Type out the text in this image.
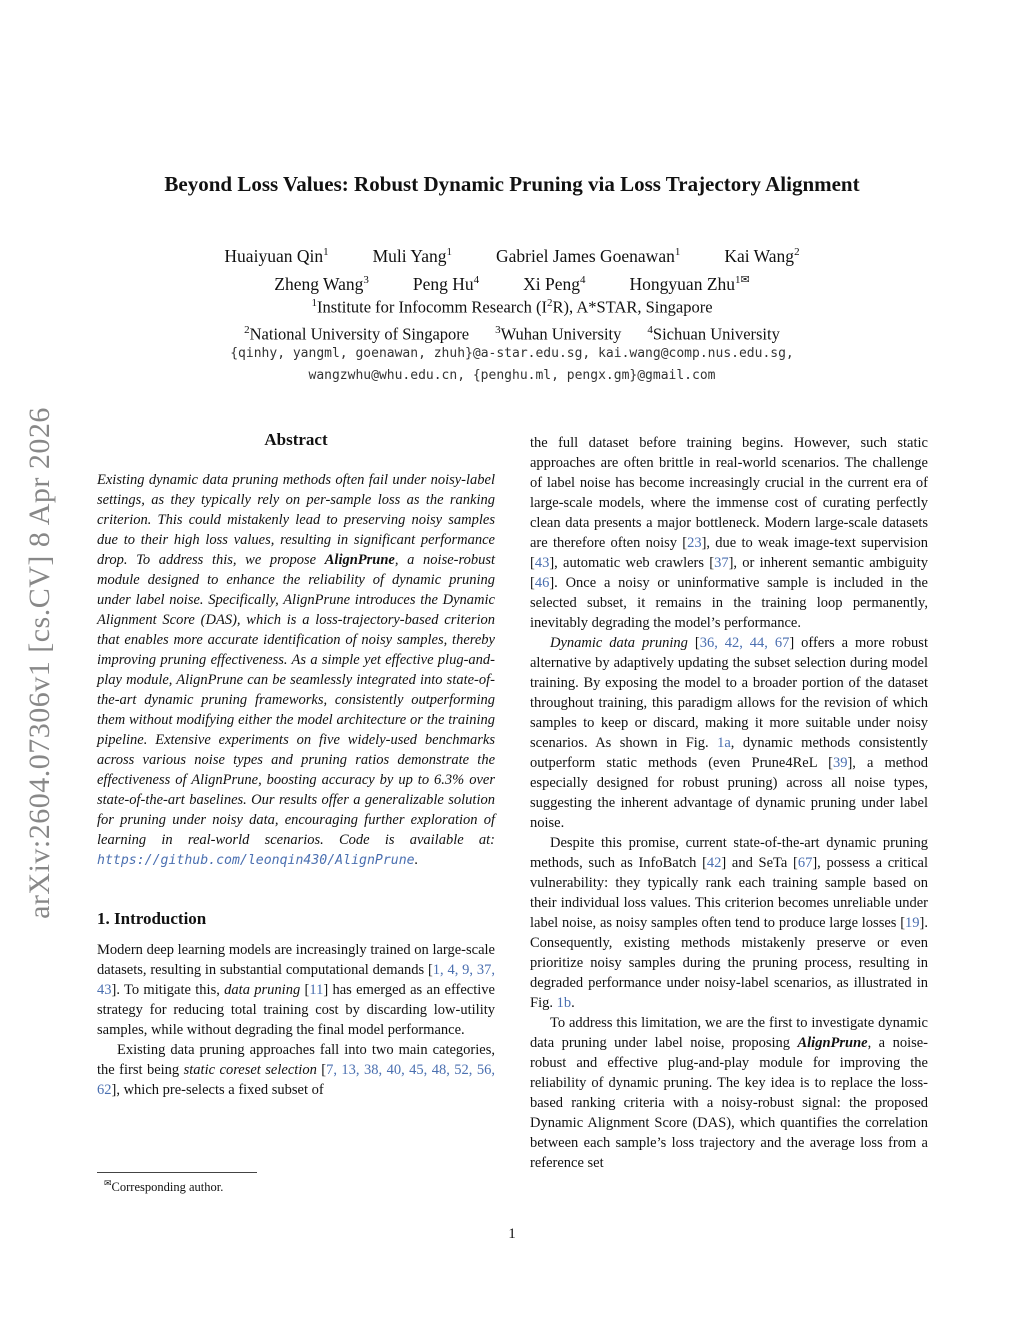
arXiv:2604.07306v1 [cs.CV] 8 Apr 2026
Beyond Loss Values: Robust Dynamic Pruning via Loss Trajectory Alignment
Huaiyuan Qin$^1$	Muli Yang$^1$	Gabriel James Goenawan$^1$	Kai Wang$^2$
Zheng Wang$^3$	Peng Hu$^4$	Xi Peng$^4$	Hongyuan Zhu$^{1✉}$
$^1$Institute for Infocomm Research $(I^2R)$, A*STAR, Singapore
$^2$National University of Singapore $^3$Wuhan University $^4$Sichuan University
{qinhy, yangml, goenawan, zhuh}@a-star.edu.sg, kai.wang@comp.nus.edu.sg,
wangzwhu@whu.edu.cn, {penghu.ml, pengx.gm}@gmail.com
Abstract

Existing dynamic data pruning methods often fail under noisy-label settings, as they typically rely on per-sample loss as the ranking criterion. This could mistakenly lead to preserving noisy samples due to their high loss values, resulting in significant performance drop. To address this, we propose AlignPrune, a noise-robust module designed to enhance the reliability of dynamic pruning under label noise. Specifically, AlignPrune introduces the Dynamic Alignment Score (DAS), which is a loss-trajectory-based criterion that enables more accurate identification of noisy samples, thereby improving pruning effectiveness. As a simple yet effective plug-and-play module, AlignPrune can be seamlessly integrated into state-of-the-art dynamic pruning frameworks, consistently outperforming them without modifying either the model architecture or the training pipeline. Extensive experiments on five widely-used benchmarks across various noise types and pruning ratios demonstrate the effectiveness of AlignPrune, boosting accuracy by up to 6.3% over state-of-the-art baselines. Our results offer a generalizable solution for pruning under noisy data, encouraging further exploration of learning in real-world scenarios. Code is available at: https://github.com/leonqin430/AlignPrune.

1. Introduction

Modern deep learning models are increasingly trained on large-scale datasets, resulting in substantial computational demands [1, 4, 9, 37, 43]. To mitigate this, data pruning [11] has emerged as an effective strategy for reducing total training cost by discarding low-utility samples, while without degrading the final model performance.

Existing data pruning approaches fall into two main categories, the first being static coreset selection [7, 13, 38, 40, 45, 48, 52, 56, 62], which pre-selects a fixed subset of

the full dataset before training begins. However, such static approaches are often brittle in real-world scenarios. The challenge of label noise has become increasingly crucial in the current era of large-scale models, where the immense cost of curating perfectly clean data presents a major bottleneck. Modern large-scale datasets are therefore often noisy [23], due to weak image-text supervision [43], automatic web crawlers [37], or inherent semantic ambiguity [46]. Once a noisy or uninformative sample is included in the selected subset, it remains in the training loop permanently, inevitably degrading the model’s performance.

Dynamic data pruning [36, 42, 44, 67] offers a more robust alternative by adaptively updating the subset selection during model training. By exposing the model to a broader portion of the dataset throughout training, this paradigm allows for the revision of which samples to keep or discard, making it more suitable under noisy scenarios. As shown in Fig. 1a, dynamic methods consistently outperform static methods (even Prune4ReL [39], a method especially designed for robust pruning) across all noise types, suggesting the inherent advantage of dynamic pruning under label noise.

Despite this promise, current state-of-the-art dynamic pruning methods, such as InfoBatch [42] and SeTa [67], possess a critical vulnerability: they typically rank each training sample based on their individual loss values. This criterion becomes unreliable under label noise, as noisy samples often tend to produce large losses [19]. Consequently, existing methods mistakenly preserve or even prioritize noisy samples during the pruning process, resulting in degraded performance under noisy-label scenarios, as illustrated in Fig. 1b.

To address this limitation, we are the first to investigate dynamic data pruning under label noise, proposing AlignPrune, a noise-robust and effective plug-and-play module for improving the reliability of dynamic pruning. The key idea is to replace the loss-based ranking criteria with a noisy-robust signal: the proposed Dynamic Alignment Score (DAS), which quantifies the correlation between each sample’s loss trajectory and the average loss from a reference set

✉Corresponding author.
1
